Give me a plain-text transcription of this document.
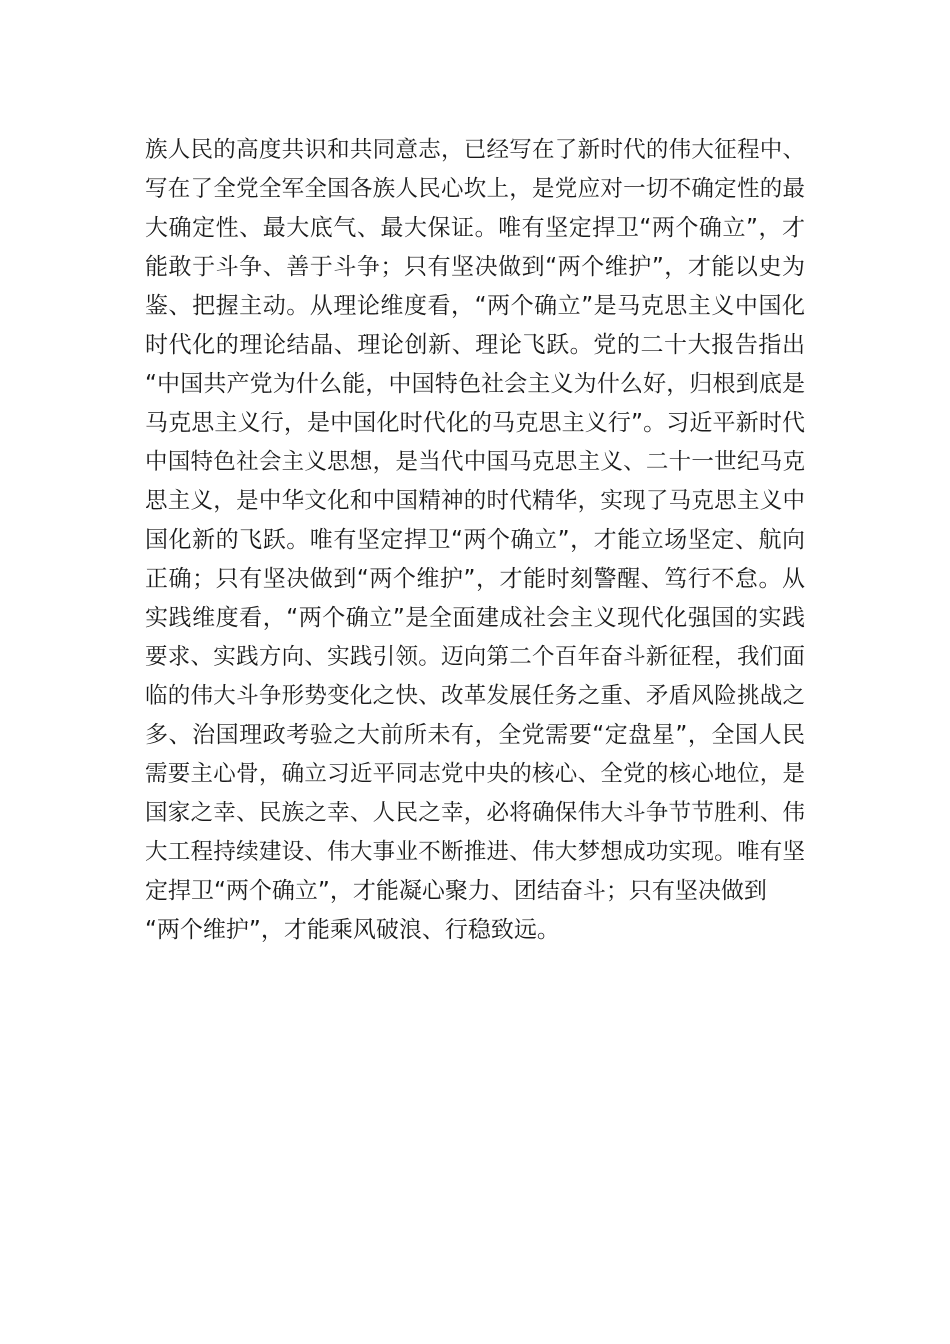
族人民的高度共识和共同意志，已经写在了新时代的伟大征程中、
写在了全党全军全国各族人民心坎上，是党应对一切不确定性的最
大确定性、最大底气、最大保证。唯有坚定捍卫“两个确立”，才
能敢于斗争、善于斗争；只有坚决做到“两个维护”，才能以史为
鉴、把握主动。从理论维度看，“两个确立”是马克思主义中国化
时代化的理论结晶、理论创新、理论飞跃。党的二十大报告指出
“中国共产党为什么能，中国特色社会主义为什么好，归根到底是
马克思主义行，是中国化时代化的马克思主义行”。习近平新时代
中国特色社会主义思想，是当代中国马克思主义、二十一世纪马克
思主义，是中华文化和中国精神的时代精华，实现了马克思主义中
国化新的飞跃。唯有坚定捍卫“两个确立”，才能立场坚定、航向
正确；只有坚决做到“两个维护”，才能时刻警醒、笃行不怠。从
实践维度看，“两个确立”是全面建成社会主义现代化强国的实践
要求、实践方向、实践引领。迈向第二个百年奋斗新征程，我们面
临的伟大斗争形势变化之快、改革发展任务之重、矛盾风险挑战之
多、治国理政考验之大前所未有，全党需要“定盘星”，全国人民
需要主心骨，确立习近平同志党中央的核心、全党的核心地位，是
国家之幸、民族之幸、人民之幸，必将确保伟大斗争节节胜利、伟
大工程持续建设、伟大事业不断推进、伟大梦想成功实现。唯有坚
定捍卫“两个确立”，才能凝心聚力、团结奋斗；只有坚决做到
“两个维护”，才能乘风破浪、行稳致远。
